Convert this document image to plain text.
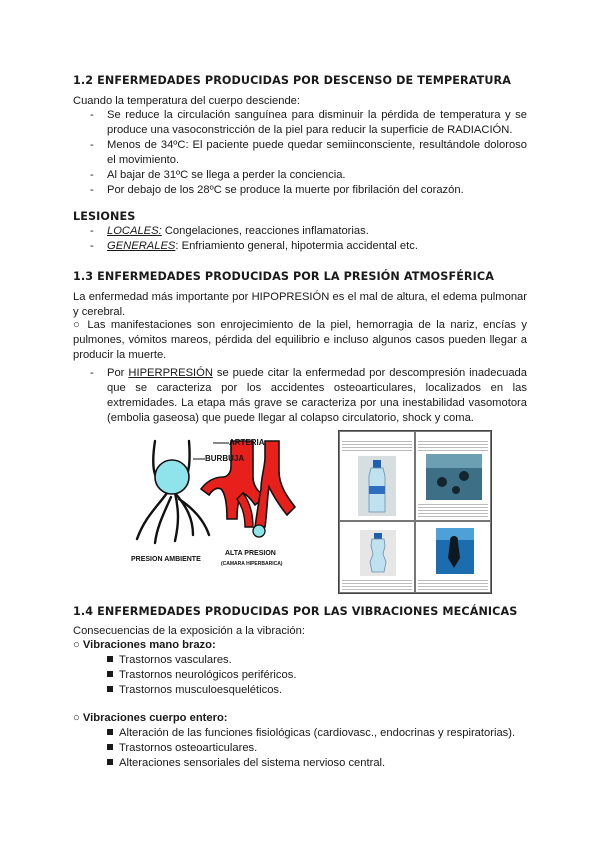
1.2 ENFERMEDADES PRODUCIDAS POR DESCENSO DE TEMPERATURA

Cuando la temperatura del cuerpo desciende:

- Se reduce la circulación sanguínea para disminuir la pérdida de temperatura y se produce una vasoconstricción de la piel para reducir la superficie de RADIACIÓN.
- Menos de 34ºC: El paciente puede quedar semiinconsciente, resultándole doloroso el movimiento.
- Al bajar de 31ºC se llega a perder la conciencia.
- Por debajo de los 28ºC se produce la muerte por fibrilación del corazón.
LESIONES
- LOCALES: Congelaciones, reacciones inflamatorias.
- GENERALES: Enfriamiento general, hipotermia accidental etc.
1.3 ENFERMEDADES PRODUCIDAS POR LA PRESIÓN ATMOSFÉRICA

La enfermedad más importante por HIPOPRESIÓN es el mal de altura, el edema pulmonar y cerebral.

○ Las manifestaciones son enrojecimiento de la piel, hemorragia de la nariz, encías y pulmones, vómitos mareos, pérdida del equilibrio e incluso algunos casos pueden llegar a producir la muerte.

- Por HIPERPRESIÓN se puede citar la enfermedad por descompresión inadecuada que se caracteriza por los accidentes osteoarticulares, localizados en las extremidades. La etapa más grave se caracteriza por una inestabilidad vasomotora (embolia gaseosa) que puede llegar al colapso circulatorio, shock y coma.
ARTERIA
BURBUJA
PRESION AMBIENTE
ALTA PRESION
(CAMARA HIPERBARICA)
1.4 ENFERMEDADES PRODUCIDAS POR LAS VIBRACIONES MECÁNICAS

Consecuencias de la exposición a la vibración:

○ Vibraciones mano brazo:

Trastornos vasculares.
Trastornos neurológicos periféricos.
Trastornos musculoesqueléticos.

○ Vibraciones cuerpo entero:

Alteración de las funciones fisiológicas (cardiovasc., endocrinas y respiratorias).
Trastornos osteoarticulares.
Alteraciones sensoriales del sistema nervioso central.
